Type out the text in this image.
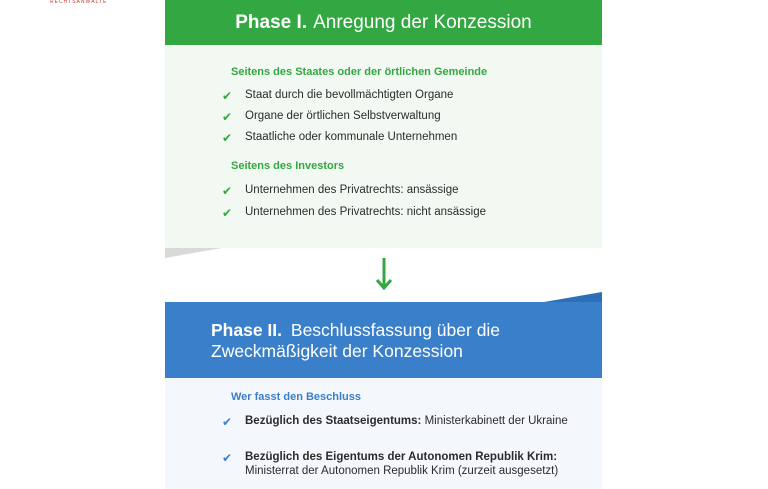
RECHTSANWÄLTE
Phase I. Anregung der Konzession
Seitens des Staates oder der örtlichen Gemeinde
✔	Staat durch die bevollmächtigten Organe
✔	Organe der örtlichen Selbstverwaltung
✔	Staatliche oder kommunale Unternehmen
Seitens des Investors
✔	Unternehmen des Privatrechts: ansässige
✔	Unternehmen des Privatrechts: nicht ansässige
Phase II. Beschlussfassung über die
Zweckmäßigkeit der Konzession
Wer fasst den Beschluss
✔	Bezüglich des Staatseigentums: Ministerkabinett der Ukraine
✔	Bezüglich des Eigentums der Autonomen Republik Krim: Ministerrat der Autonomen Republik Krim (zurzeit ausgesetzt)
